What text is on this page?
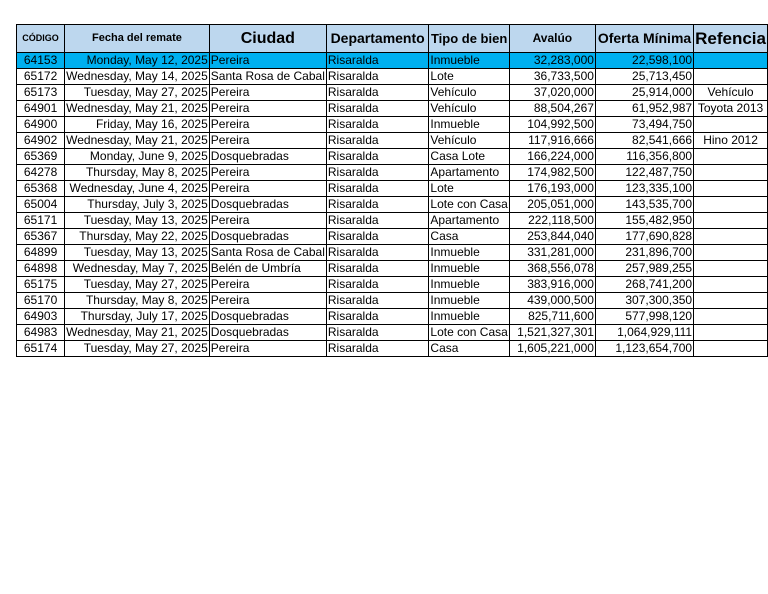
CÓDIGO	Fecha del remate	Ciudad	Departamento	Tipo de bien	Avalúo	Oferta Mínima	Refencia
64153	Monday, May 12, 2025	Pereira	Risaralda	Inmueble	32,283,000	22,598,100	
65172	Wednesday, May 14, 2025	Santa Rosa de Cabal	Risaralda	Lote	36,733,500	25,713,450	
65173	Tuesday, May 27, 2025	Pereira	Risaralda	Vehículo	37,020,000	25,914,000	Vehículo
64901	Wednesday, May 21, 2025	Pereira	Risaralda	Vehículo	88,504,267	61,952,987	Toyota 2013
64900	Friday, May 16, 2025	Pereira	Risaralda	Inmueble	104,992,500	73,494,750	
64902	Wednesday, May 21, 2025	Pereira	Risaralda	Vehículo	117,916,666	82,541,666	Hino 2012
65369	Monday, June 9, 2025	Dosquebradas	Risaralda	Casa Lote	166,224,000	116,356,800	
64278	Thursday, May 8, 2025	Pereira	Risaralda	Apartamento	174,982,500	122,487,750	
65368	Wednesday, June 4, 2025	Pereira	Risaralda	Lote	176,193,000	123,335,100	
65004	Thursday, July 3, 2025	Dosquebradas	Risaralda	Lote con Casa	205,051,000	143,535,700	
65171	Tuesday, May 13, 2025	Pereira	Risaralda	Apartamento	222,118,500	155,482,950	
65367	Thursday, May 22, 2025	Dosquebradas	Risaralda	Casa	253,844,040	177,690,828	
64899	Tuesday, May 13, 2025	Santa Rosa de Cabal	Risaralda	Inmueble	331,281,000	231,896,700	
64898	Wednesday, May 7, 2025	Belén de Umbría	Risaralda	Inmueble	368,556,078	257,989,255	
65175	Tuesday, May 27, 2025	Pereira	Risaralda	Inmueble	383,916,000	268,741,200	
65170	Thursday, May 8, 2025	Pereira	Risaralda	Inmueble	439,000,500	307,300,350	
64903	Thursday, July 17, 2025	Dosquebradas	Risaralda	Inmueble	825,711,600	577,998,120	
64983	Wednesday, May 21, 2025	Dosquebradas	Risaralda	Lote con Casa	1,521,327,301	1,064,929,111	
65174	Tuesday, May 27, 2025	Pereira	Risaralda	Casa	1,605,221,000	1,123,654,700	
